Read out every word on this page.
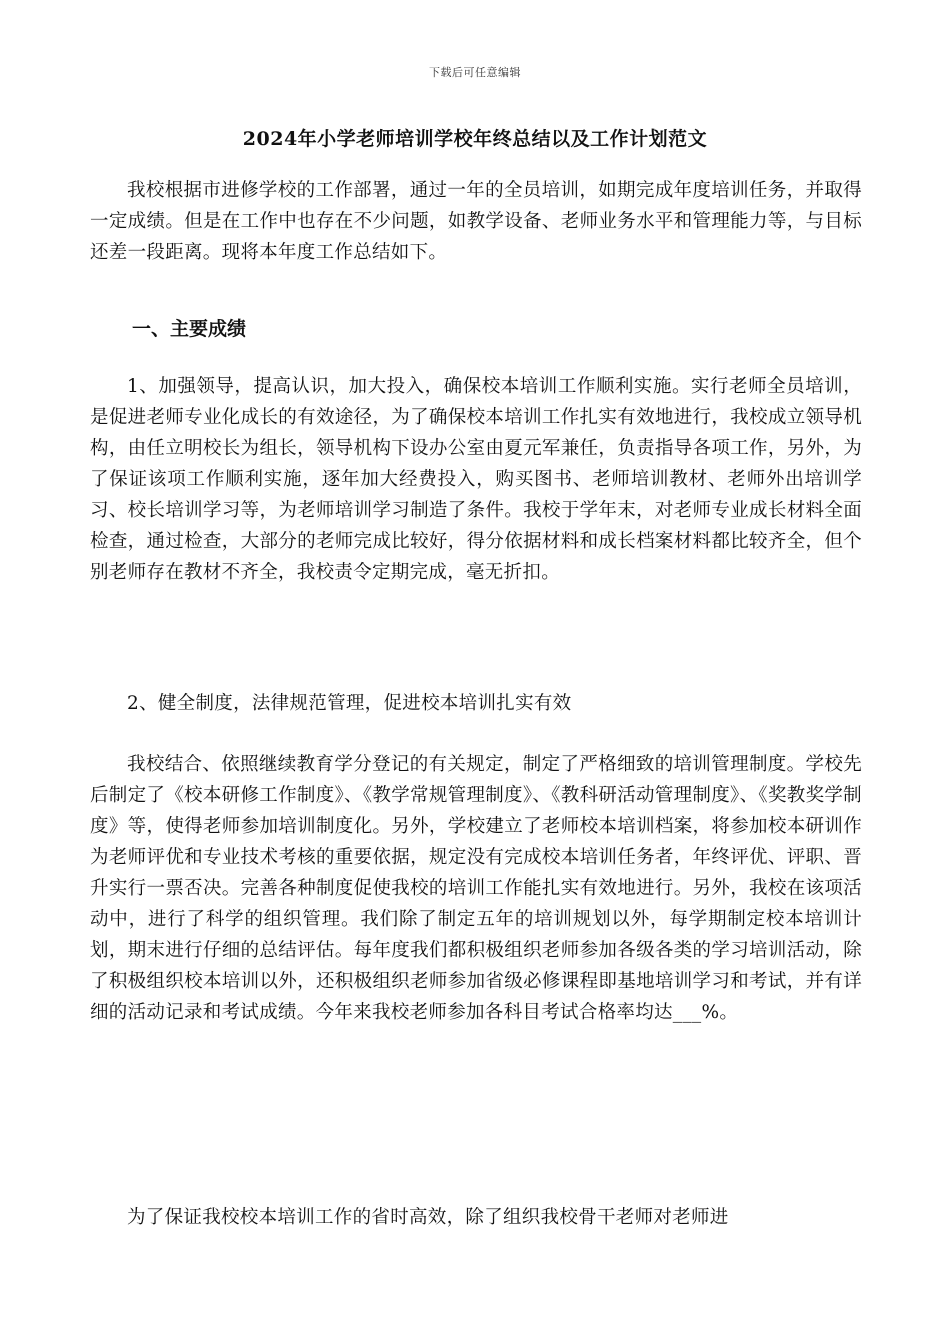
下载后可任意编辑
2024年小学老师培训学校年终总结以及工作计划范文

我校根据市进修学校的工作部署，通过一年的全员培训，如期完成年度培训任务，并取得一定成绩。但是在工作中也存在不少问题，如教学设备、老师业务水平和管理能力等，与目标还差一段距离。现将本年度工作总结如下。

一、主要成绩

1、加强领导，提高认识，加大投入，确保校本培训工作顺利实施。实行老师全员培训，是促进老师专业化成长的有效途径，为了确保校本培训工作扎实有效地进行，我校成立领导机构，由任立明校长为组长，领导机构下设办公室由夏元军兼任，负责指导各项工作，另外，为了保证该项工作顺利实施，逐年加大经费投入，购买图书、老师培训教材、老师外出培训学习、校长培训学习等，为老师培训学习制造了条件。我校于学年末，对老师专业成长材料全面检查，通过检查，大部分的老师完成比较好，得分依据材料和成长档案材料都比较齐全，但个别老师存在教材不齐全，我校责令定期完成，毫无折扣。

2、健全制度，法律规范管理，促进校本培训扎实有效

我校结合、依照继续教育学分登记的有关规定，制定了严格细致的培训管理制度。学校先后制定了《校本研修工作制度》、《教学常规管理制度》、《教科研活动管理制度》、《奖教奖学制度》等，使得老师参加培训制度化。另外，学校建立了老师校本培训档案，将参加校本研训作为老师评优和专业技术考核的重要依据，规定没有完成校本培训任务者，年终评优、评职、晋升实行一票否决。完善各种制度促使我校的培训工作能扎实有效地进行。另外，我校在该项活动中，进行了科学的组织管理。我们除了制定五年的培训规划以外，每学期制定校本培训计划，期末进行仔细的总结评估。每年度我们都积极组织老师参加各级各类的学习培训活动，除了积极组织校本培训以外，还积极组织老师参加省级必修课程即基地培训学习和考试，并有详细的活动记录和考试成绩。今年来我校老师参加各科目考试合格率均达___%。

为了保证我校校本培训工作的省时高效，除了组织我校骨干老师对老师进
